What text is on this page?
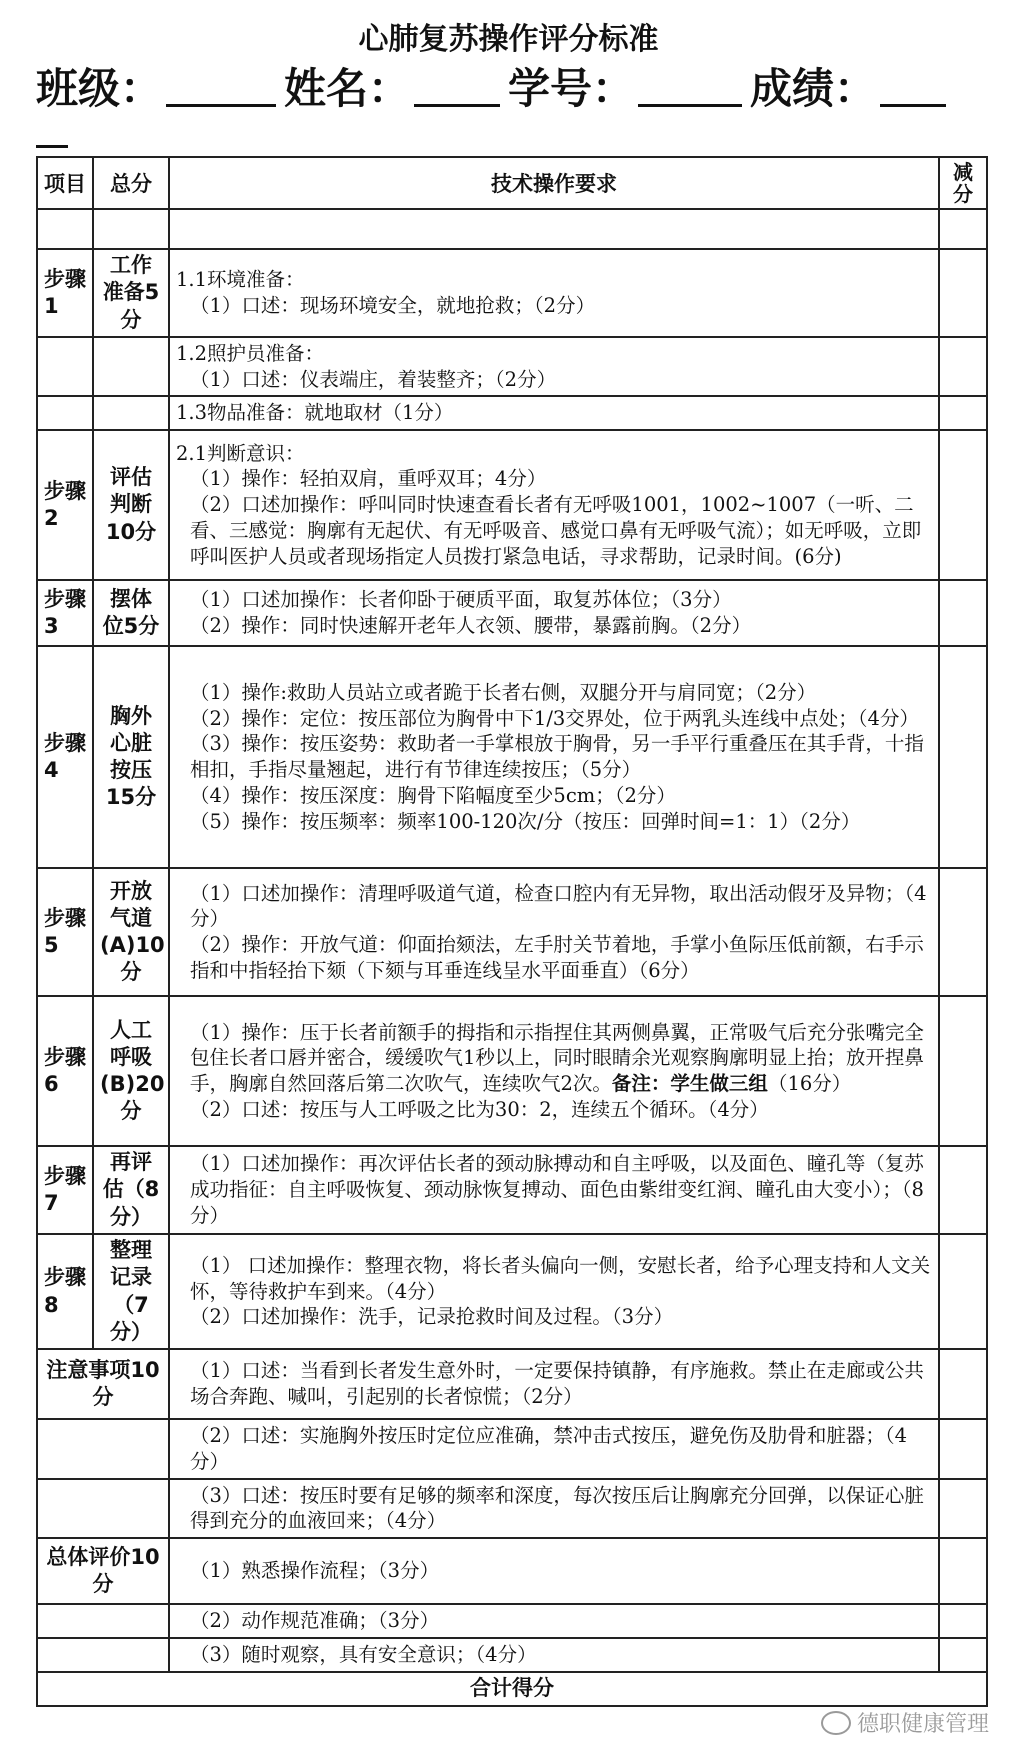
心肺复苏操作评分标准
班级：	姓名： 学号：	成绩：
项目	总分	技术操作要求	减分

步骤1	工作准备5分	1.1环境准备：
（1）口述：现场环境安全，就地抢救；（2分）	

		1.2照护员准备：
（1）口述：仪表端庄，着装整齐；（2分）	

		1.3物品准备：就地取材（1分）	

步骤2	评估判断10分	2.1判断意识：
（1）操作：轻拍双肩，重呼双耳；4分）
（2）口述加操作：呼叫同时快速查看长者有无呼吸1001，1002~1007（一听、二看、三感觉：胸廓有无起伏、有无呼吸音、感觉口鼻有无呼吸气流）；如无呼吸，立即呼叫医护人员或者现场指定人员拨打紧急电话，寻求帮助，记录时间。(6分)	

步骤3	摆体位5分	（1）口述加操作：长者仰卧于硬质平面，取复苏体位；（3分）
（2）操作：同时快速解开老年人衣领、腰带，暴露前胸。（2分）	

步骤4	胸外心脏按压15分	（1）操作:救助人员站立或者跪于长者右侧，双腿分开与肩同宽；（2分）
（2）操作：定位：按压部位为胸骨中下1/3交界处，位于两乳头连线中点处；（4分）
（3）操作：按压姿势：救助者一手掌根放于胸骨，另一手平行重叠压在其手背，十指相扣，手指尽量翘起，进行有节律连续按压；（5分）
（4）操作：按压深度：胸骨下陷幅度至少5cm；（2分）
（5）操作：按压频率：频率100-120次/分（按压：回弹时间=1：1）（2分）	

步骤5	开放气道(A)10分	（1）口述加操作：清理呼吸道气道，检查口腔内有无异物，取出活动假牙及异物；（4分）
（2）操作：开放气道：仰面抬颏法，左手肘关节着地，手掌小鱼际压低前额，右手示指和中指轻抬下颏（下颏与耳垂连线呈水平面垂直）（6分）	

步骤6	人工呼吸(B)20分	（1）操作：压于长者前额手的拇指和示指捏住其两侧鼻翼，正常吸气后充分张嘴完全包住长者口唇并密合，缓缓吹气1秒以上，同时眼睛余光观察胸廓明显上抬；放开捏鼻手，胸廓自然回落后第二次吹气，连续吹气2次。备注：学生做三组（16分）
（2）口述：按压与人工呼吸之比为30：2，连续五个循环。（4分）	

步骤7	再评估（8分）	（1）口述加操作：再次评估长者的颈动脉搏动和自主呼吸，以及面色、瞳孔等（复苏成功指征：自主呼吸恢复、颈动脉恢复搏动、面色由紫绀变红润、瞳孔由大变小）；（8分）	

步骤8	整理记录（7分）	（1） 口述加操作：整理衣物，将长者头偏向一侧，安慰长者，给予心理支持和人文关怀，等待救护车到来。（4分）
（2）口述加操作：洗手，记录抢救时间及过程。（3分）	

注意事项10分		（1）口述：当看到长者发生意外时，一定要保持镇静，有序施救。禁止在走廊或公共场合奔跑、喊叫，引起别的长者惊慌；（2分）	

		（2）口述：实施胸外按压时定位应准确，禁冲击式按压，避免伤及肋骨和脏器；（4分）	

		（3）口述：按压时要有足够的频率和深度，每次按压后让胸廓充分回弹，以保证心脏得到充分的血液回来；（4分）	

总体评价10分		（1）熟悉操作流程；（3分）	

		（2）动作规范准确；（3分）	

		（3）随时观察，具有安全意识；（4分）	

合计得分			
德职健康管理
